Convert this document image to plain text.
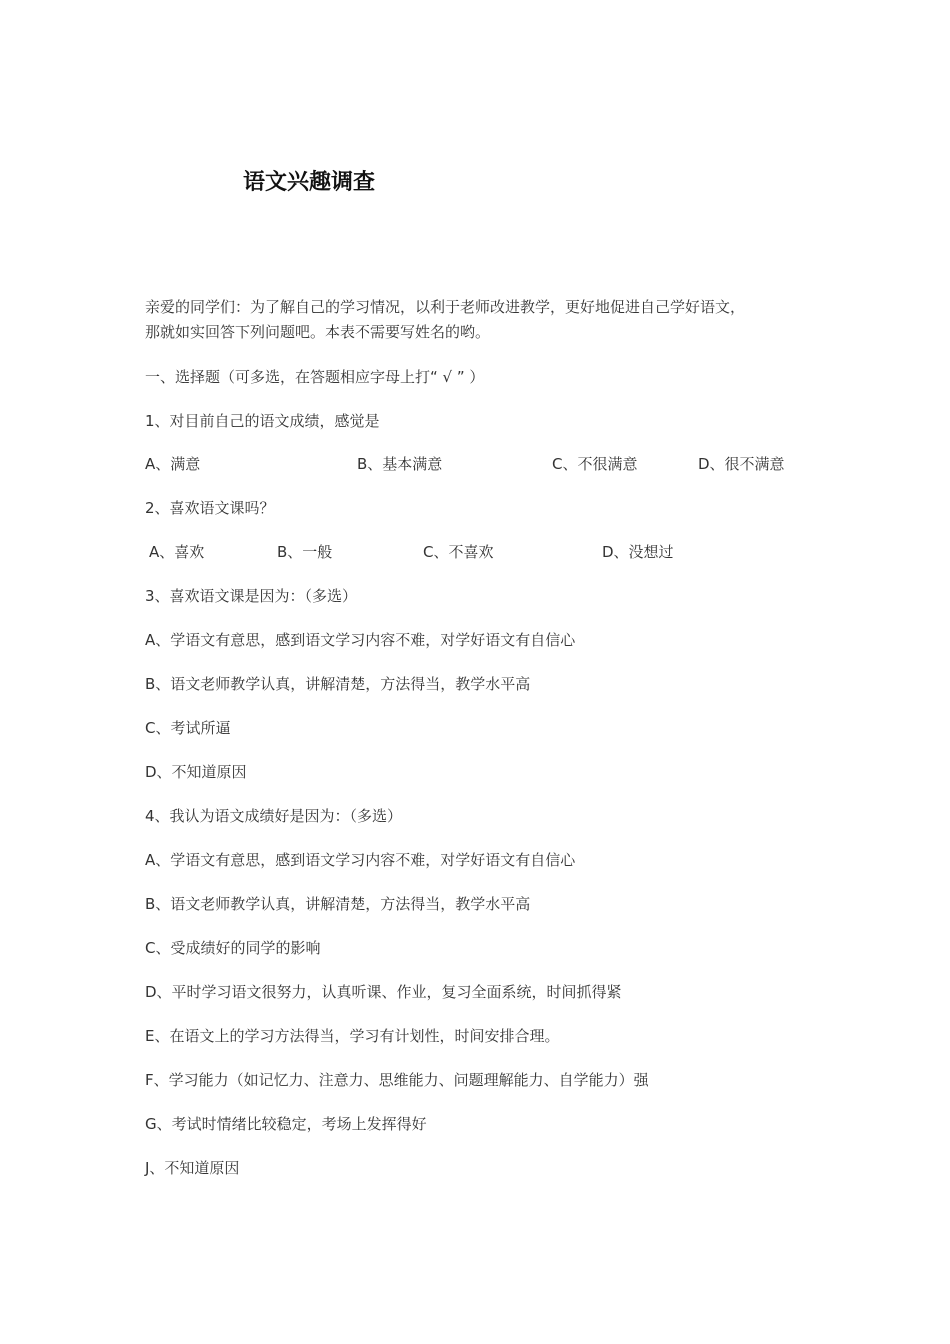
语文兴趣调查
亲爱的同学们：为了解自己的学习情况，以利于老师改进教学，更好地促进自己学好语文，
那就如实回答下列问题吧。本表不需要写姓名的哟。
一、选择题（可多选，在答题相应字母上打“ √ ” ）
1、对目前自己的语文成绩，感觉是
A、满意	B、基本满意	C、不很满意	D、很不满意
2、喜欢语文课吗？
A、喜欢	B、一般	C、不喜欢	D、没想过
3、喜欢语文课是因为：（多选）
A、学语文有意思，感到语文学习内容不难，对学好语文有自信心
B、语文老师教学认真，讲解清楚，方法得当，教学水平高
C、考试所逼
D、不知道原因
4、我认为语文成绩好是因为：（多选）
A、学语文有意思，感到语文学习内容不难，对学好语文有自信心
B、语文老师教学认真，讲解清楚，方法得当，教学水平高
C、受成绩好的同学的影响
D、平时学习语文很努力，认真听课、作业，复习全面系统，时间抓得紧
E、在语文上的学习方法得当，学习有计划性，时间安排合理。
F、学习能力（如记忆力、注意力、思维能力、问题理解能力、自学能力）强
G、考试时情绪比较稳定，考场上发挥得好
J、不知道原因
